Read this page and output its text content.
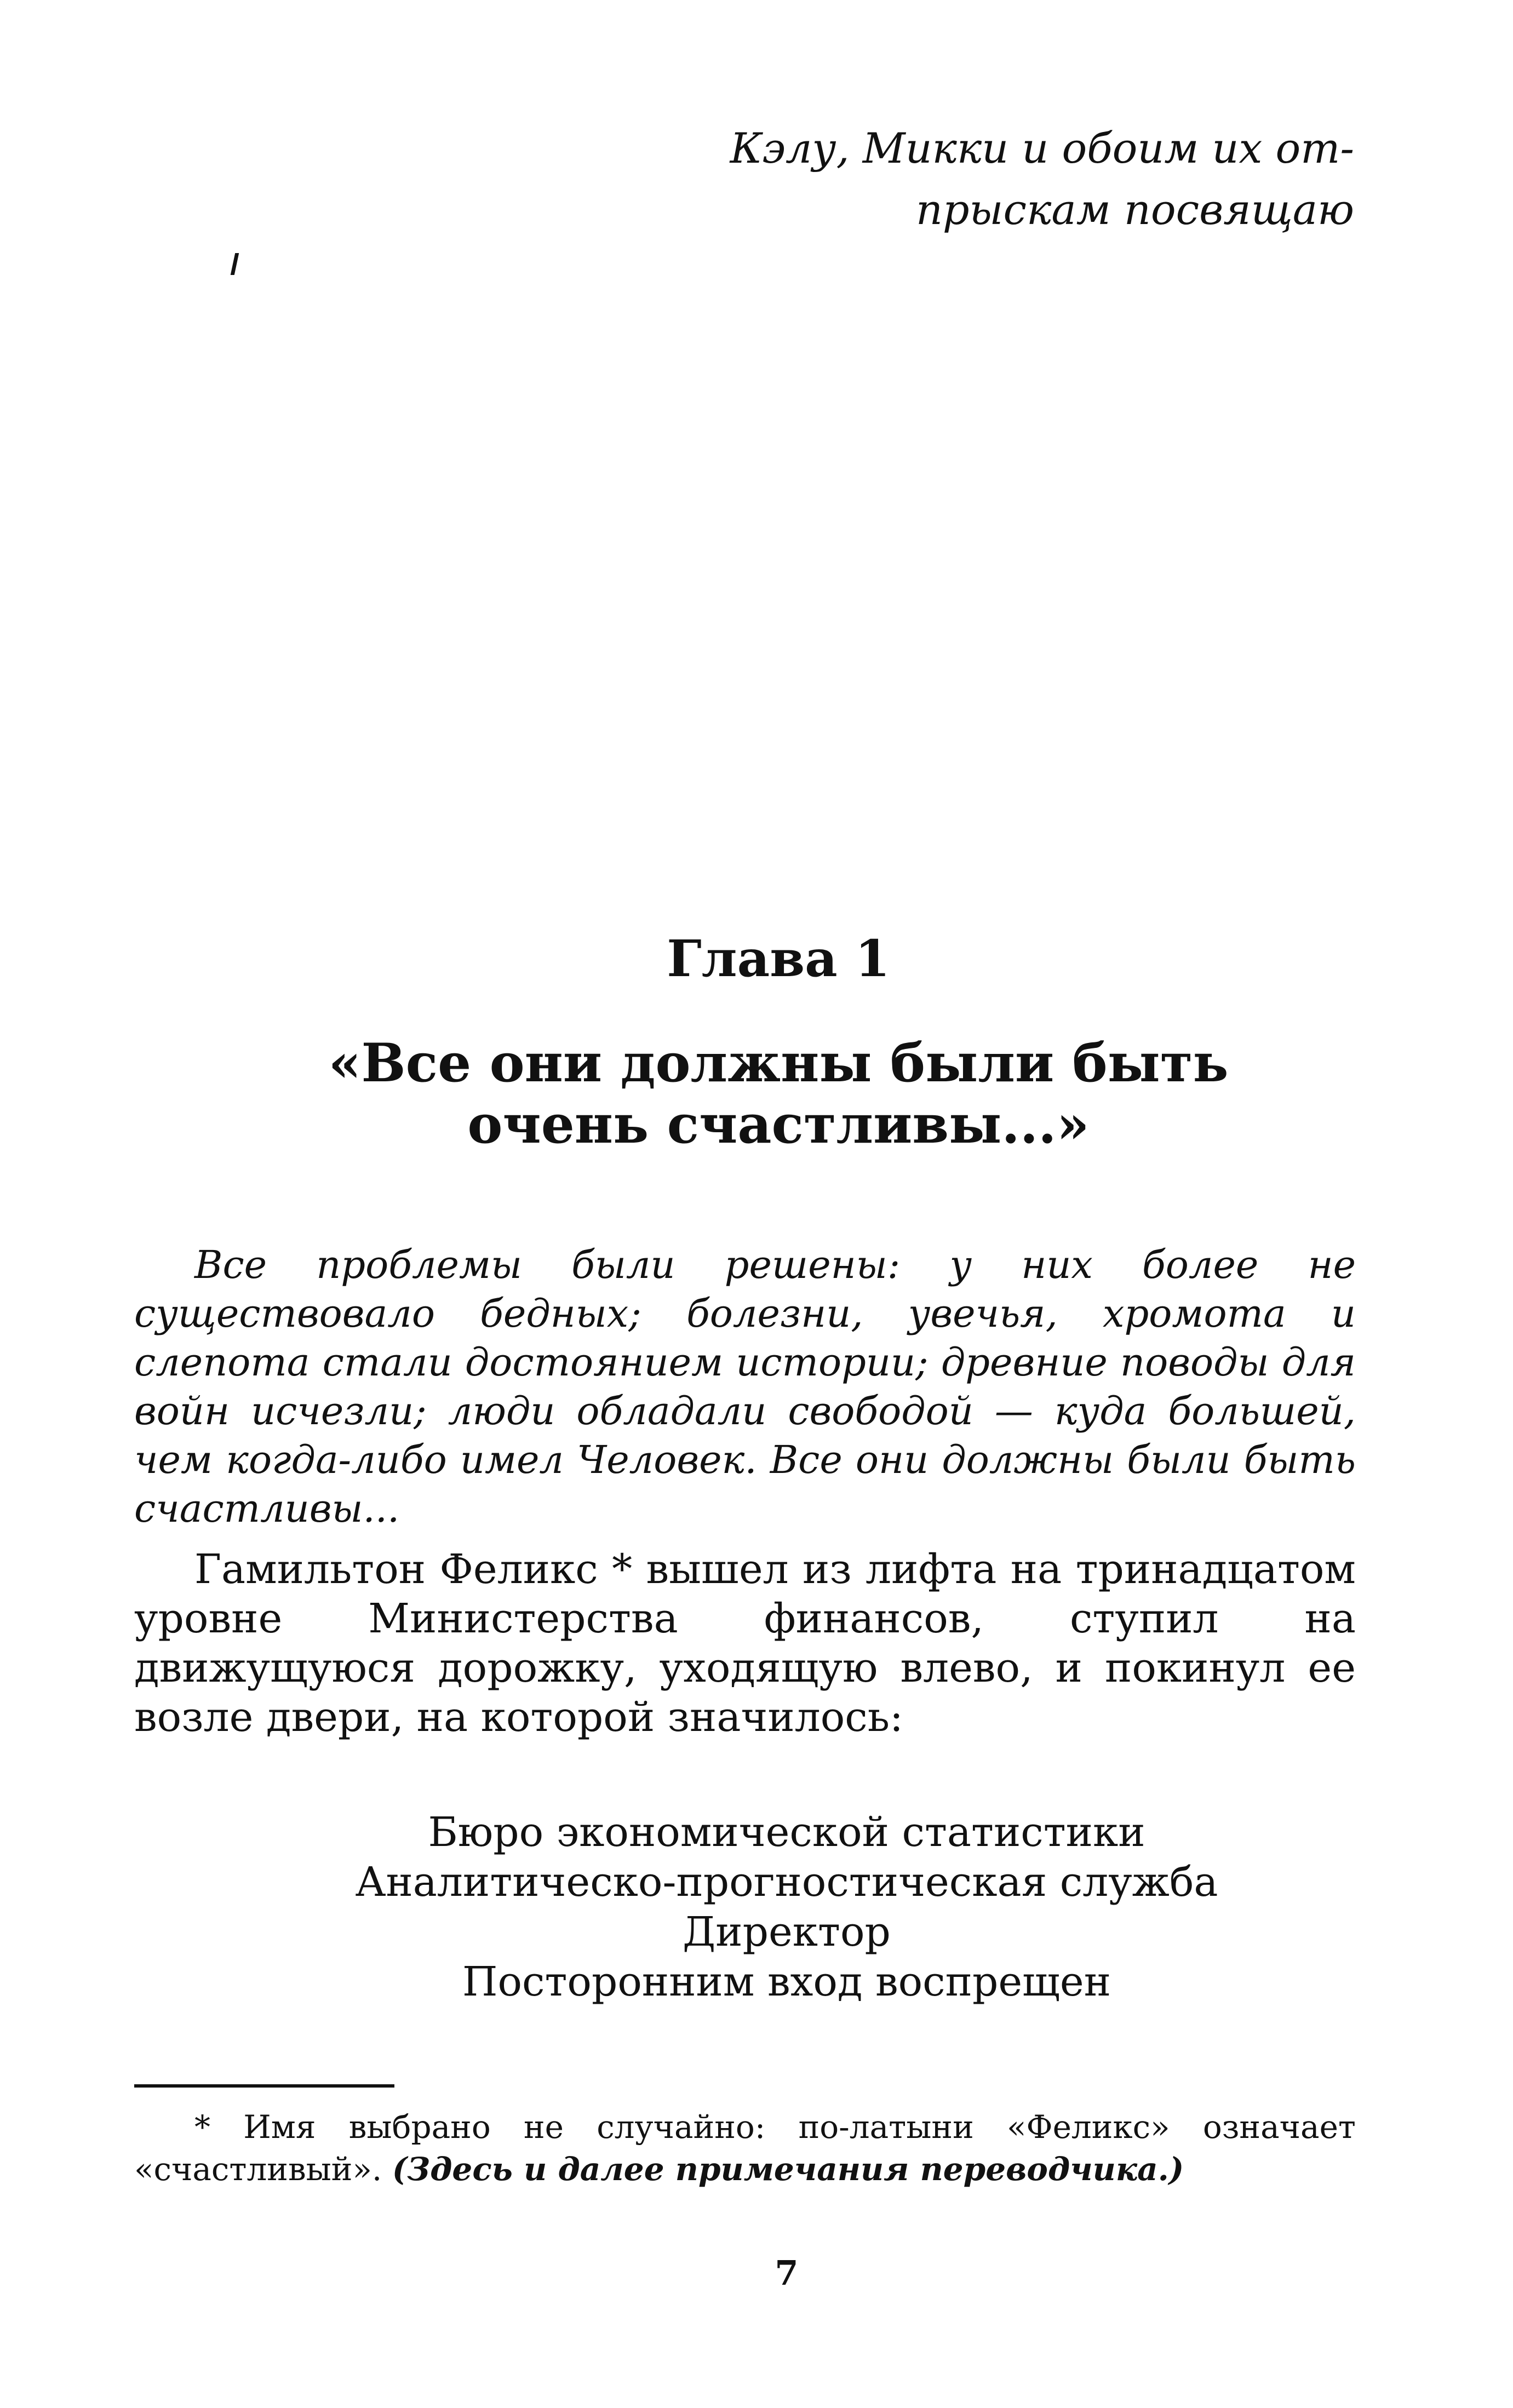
Кэлу, Микки и обоим их от-
прыскам посвящаю
Глава 1
«Все они должны были быть
очень счастливы...»

Все проблемы были решены: у них более не существовало бедных; болезни, увечья, хромота и слепота стали достоянием истории; древние поводы для войн исчезли; люди обладали свободой — куда большей, чем когда-либо имел Человек. Все они должны были быть счастливы...

Гамильтон Феликс * вышел из лифта на тринадцатом уровне Министерства финансов, ступил на движущуюся дорожку, уходящую влево, и покинул ее возле двери, на которой значилось:

Бюро экономической статистики
Аналитическо-прогностическая служба
Директор
Посторонним вход воспрещен

* Имя выбрано не случайно: по-латыни «Феликс» означает «счастливый». (Здесь и далее примечания переводчика.)

7
